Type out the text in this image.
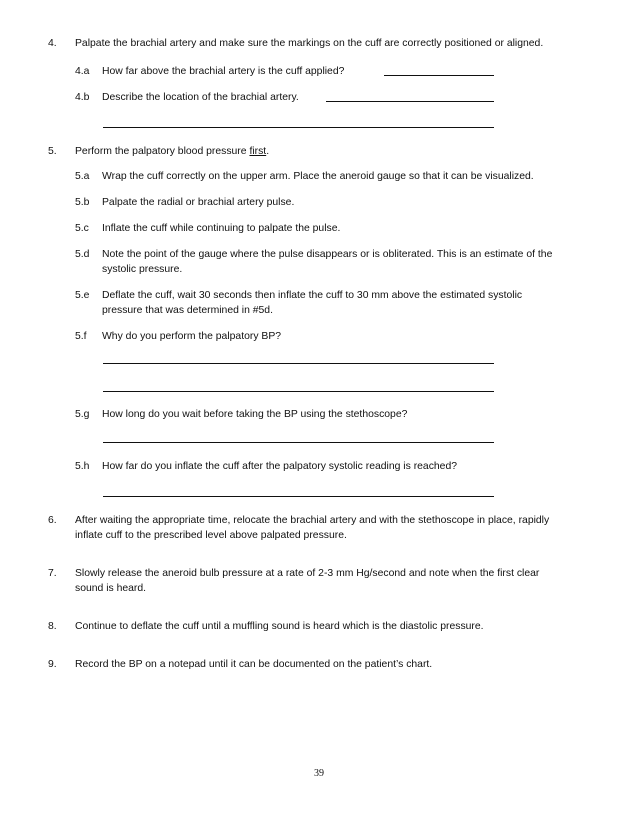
4. Palpate the brachial artery and make sure the markings on the cuff are correctly positioned or aligned.
4.a How far above the brachial artery is the cuff applied?
4.b Describe the location of the brachial artery.
5. Perform the palpatory blood pressure first.
5.a Wrap the cuff correctly on the upper arm. Place the aneroid gauge so that it can be visualized.
5.b Palpate the radial or brachial artery pulse.
5.c Inflate the cuff while continuing to palpate the pulse.
5.d Note the point of the gauge where the pulse disappears or is obliterated. This is an estimate of the
systolic pressure.
5.e Deflate the cuff, wait 30 seconds then inflate the cuff to 30 mm above the estimated systolic
pressure that was determined in #5d.
5.f Why do you perform the palpatory BP?
5.g How long do you wait before taking the BP using the stethoscope?
5.h How far do you inflate the cuff after the palpatory systolic reading is reached?
6. After waiting the appropriate time, relocate the brachial artery and with the stethoscope in place, rapidly
inflate cuff to the prescribed level above palpated pressure.
7. Slowly release the aneroid bulb pressure at a rate of 2-3 mm Hg/second and note when the first clear
sound is heard.
8. Continue to deflate the cuff until a muffling sound is heard which is the diastolic pressure.
9. Record the BP on a notepad until it can be documented on the patient’s chart.
39
